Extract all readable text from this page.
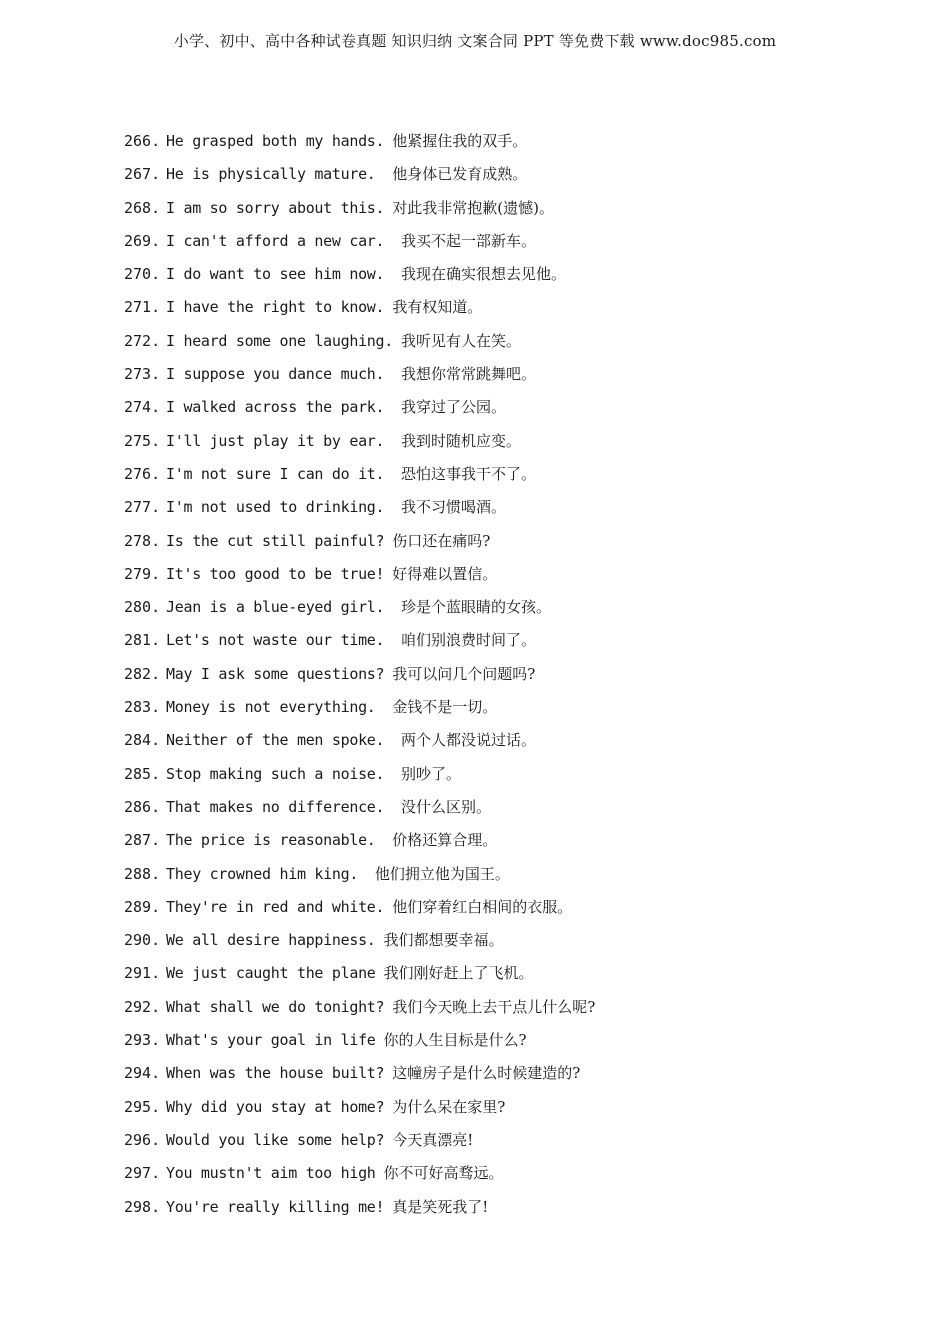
小学、初中、高中各种试卷真题 知识归纳 文案合同 PPT 等免费下载 www.doc985.com
266. He grasped both my hands. 他紧握住我的双手。
267. He is physically mature. 他身体已发育成熟。
268. I am so sorry about this. 对此我非常抱歉(遗憾)。
269. I can't afford a new car. 我买不起一部新车。
270. I do want to see him now. 我现在确实很想去见他。
271. I have the right to know. 我有权知道。
272. I heard some one laughing. 我听见有人在笑。
273. I suppose you dance much. 我想你常常跳舞吧。
274. I walked across the park. 我穿过了公园。
275. I'll just play it by ear. 我到时随机应变。
276. I'm not sure I can do it. 恐怕这事我干不了。
277. I'm not used to drinking. 我不习惯喝酒。
278. Is the cut still painful? 伤口还在痛吗?
279. It's too good to be true! 好得难以置信。
280. Jean is a blue-eyed girl. 珍是个蓝眼睛的女孩。
281. Let's not waste our time. 咱们别浪费时间了。
282. May I ask some questions? 我可以问几个问题吗?
283. Money is not everything. 金钱不是一切。
284. Neither of the men spoke. 两个人都没说过话。
285. Stop making such a noise. 别吵了。
286. That makes no difference. 没什么区别。
287. The price is reasonable. 价格还算合理。
288. They crowned him king. 他们拥立他为国王。
289. They're in red and white. 他们穿着红白相间的衣服。
290. We all desire happiness. 我们都想要幸福。
291. We just caught the plane 我们刚好赶上了飞机。
292. What shall we do tonight? 我们今天晚上去干点儿什么呢?
293. What's your goal in life 你的人生目标是什么?
294. When was the house built? 这幢房子是什么时候建造的?
295. Why did you stay at home? 为什么呆在家里?
296. Would you like some help? 今天真漂亮!
297. You mustn't aim too high 你不可好高骛远。
298. You're really killing me! 真是笑死我了!
